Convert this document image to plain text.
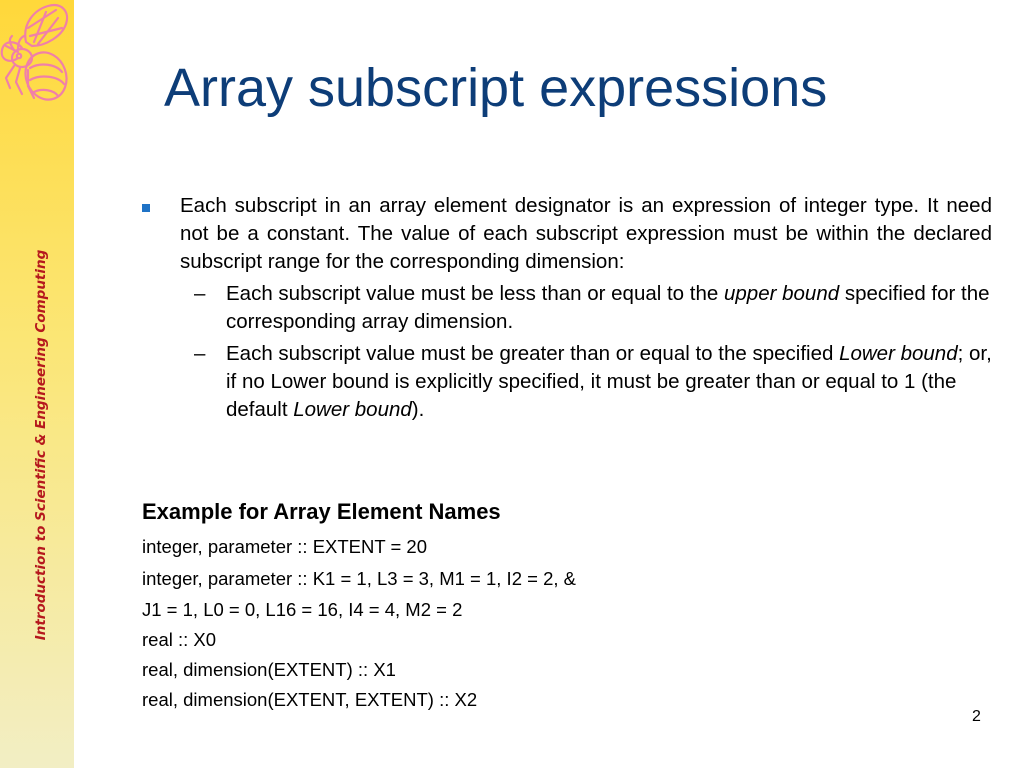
Introduction to Scientific & Engineering Computing
Array subscript expressions

Each subscript in an array element designator is an expression of integer type. It need not be a constant. The value of each subscript expression must be within the declared subscript range for the corresponding dimension:

– Each subscript value must be less than or equal to the upper bound specified for the corresponding array dimension.
– Each subscript value must be greater than or equal to the specified Lower bound; or, if no Lower bound is explicitly specified, it must be greater than or equal to 1 (the default Lower bound).
Example for Array Element Names

integer, parameter :: EXTENT = 20

integer, parameter :: K1 = 1, L3 = 3, M1 = 1, I2 = 2, &

J1 = 1, L0 = 0, L16 = 16, I4 = 4, M2 = 2

real :: X0

real, dimension(EXTENT) :: X1

real, dimension(EXTENT, EXTENT) :: X2

2
